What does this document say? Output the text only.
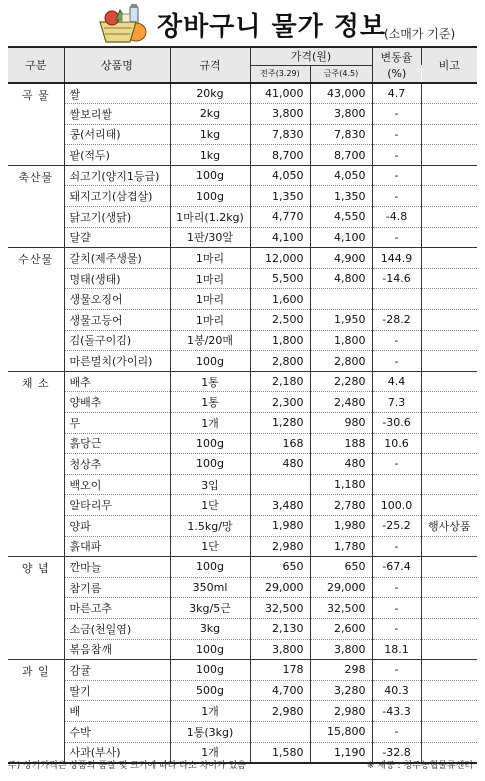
장바구니 물가 정보
(소매가 기준)
구분	상품명	규격	가격(원)		변동율	비고
			전주(3.29)	금주(4.5)	(%)	
곡 물	쌀	20kg	41,000	43,000	4.7	
	쌀보리쌀	2kg	3,800	3,800	-	
	콩(서리태)	1kg	7,830	7,830	-	
	팥(적두)	1kg	8,700	8,700	-	
축산물	쇠고기(양지1등급)	100g	4,050	4,050	-	
	돼지고기(삼겹살)	100g	1,350	1,350	-	
	닭고기(생닭)	1마리(1.2kg)	4,770	4,550	-4.8	
	달걀	1판/30알	4,100	4,100	-	
수산물	갈치(제주생물)	1마리	12,000	4,900	144.9	
	명태(생태)	1마리	5,500	4,800	-14.6	
	생물오징어	1마리	1,600			
	생물고등어	1마리	2,500	1,950	-28.2	
	김(돌구이김)	1봉/20매	1,800	1,800	-	
	마른멸치(가이리)	100g	2,800	2,800	-	
채 소	배추	1통	2,180	2,280	4.4	
	양배추	1통	2,300	2,480	7.3	
	무	1개	1,280	980	-30.6	
	흙당근	100g	168	188	10.6	
	청상추	100g	480	480	-	
	백오이	3입		1,180		
	알타리무	1단	3,480	2,780	100.0	
	양파	1.5kg/망	1,980	1,980	-25.2	행사상품
	흙대파	1단	2,980	1,780	-	
양 념	깐마늘	100g	650	650	-67.4	
	참기름	350ml	29,000	29,000	-	
	마른고추	3kg/5근	32,500	32,500	-	
	소금(천일염)	3kg	2,130	2,600	-	
	볶음참깨	100g	3,800	3,800	18.1	
과 일	감귤	100g	178	298	-	
	딸기	500g	4,700	3,280	40.3	
	배	1개	2,980	2,980	-43.3	
	수박	1통(3kg)		15,800	-	
	사과(부사)	1개	1,580	1,190	-32.8	
주) 상기가격은 상품의 품질 및 크기에 따라 다소 차이가 있음	※ 제공 : 청주농협물류센터
